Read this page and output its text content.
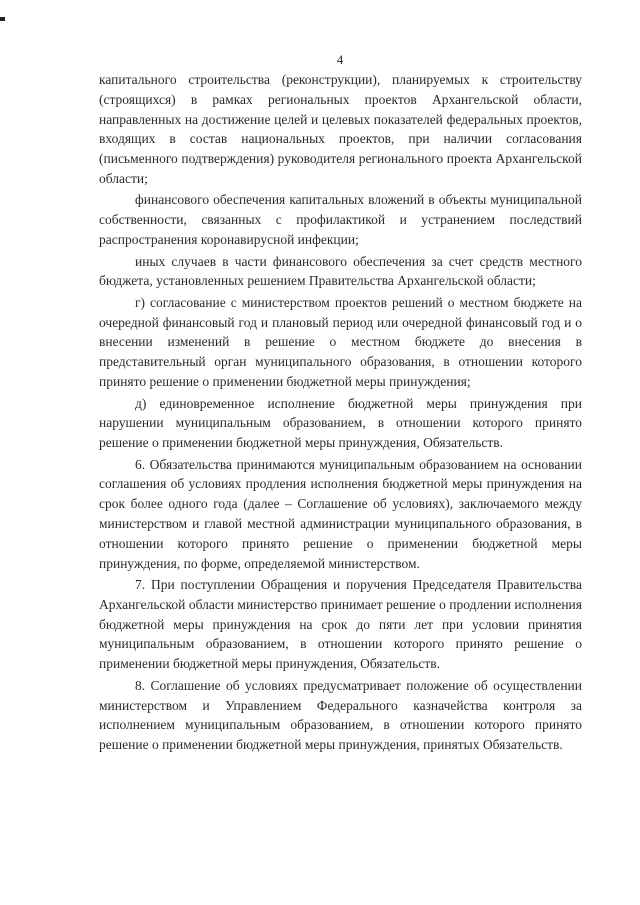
4

капитального строительства (реконструкции), планируемых к строительству (строящихся) в рамках региональных проектов Архангельской области, направленных на достижение целей и целевых показателей федеральных проектов, входящих в состав национальных проектов, при наличии согласования (письменного подтверждения) руководителя регионального проекта Архангельской области;

финансового обеспечения капитальных вложений в объекты муниципальной собственности, связанных с профилактикой и устранением последствий распространения коронавирусной инфекции;

иных случаев в части финансового обеспечения за счет средств местного бюджета, установленных решением Правительства Архангельской области;

г) согласование с министерством проектов решений о местном бюджете на очередной финансовый год и плановый период или очередной финансовый год и о внесении изменений в решение о местном бюджете до внесения в представительный орган муниципального образования, в отношении которого принято решение о применении бюджетной меры принуждения;

д) единовременное исполнение бюджетной меры принуждения при нарушении муниципальным образованием, в отношении которого принято решение о применении бюджетной меры принуждения, Обязательств.

6. Обязательства принимаются муниципальным образованием на основании соглашения об условиях продления исполнения бюджетной меры принуждения на срок более одного года (далее – Соглашение об условиях), заключаемого между министерством и главой местной администрации муниципального образования, в отношении которого принято решение о применении бюджетной меры принуждения, по форме, определяемой министерством.

7. При поступлении Обращения и поручения Председателя Правительства Архангельской области министерство принимает решение о продлении исполнения бюджетной меры принуждения на срок до пяти лет при условии принятия муниципальным образованием, в отношении которого принято решение о применении бюджетной меры принуждения, Обязательств.

8. Соглашение об условиях предусматривает положение об осуществлении министерством и Управлением Федерального казначейства контроля за исполнением муниципальным образованием, в отношении которого принято решение о применении бюджетной меры принуждения, принятых Обязательств.
